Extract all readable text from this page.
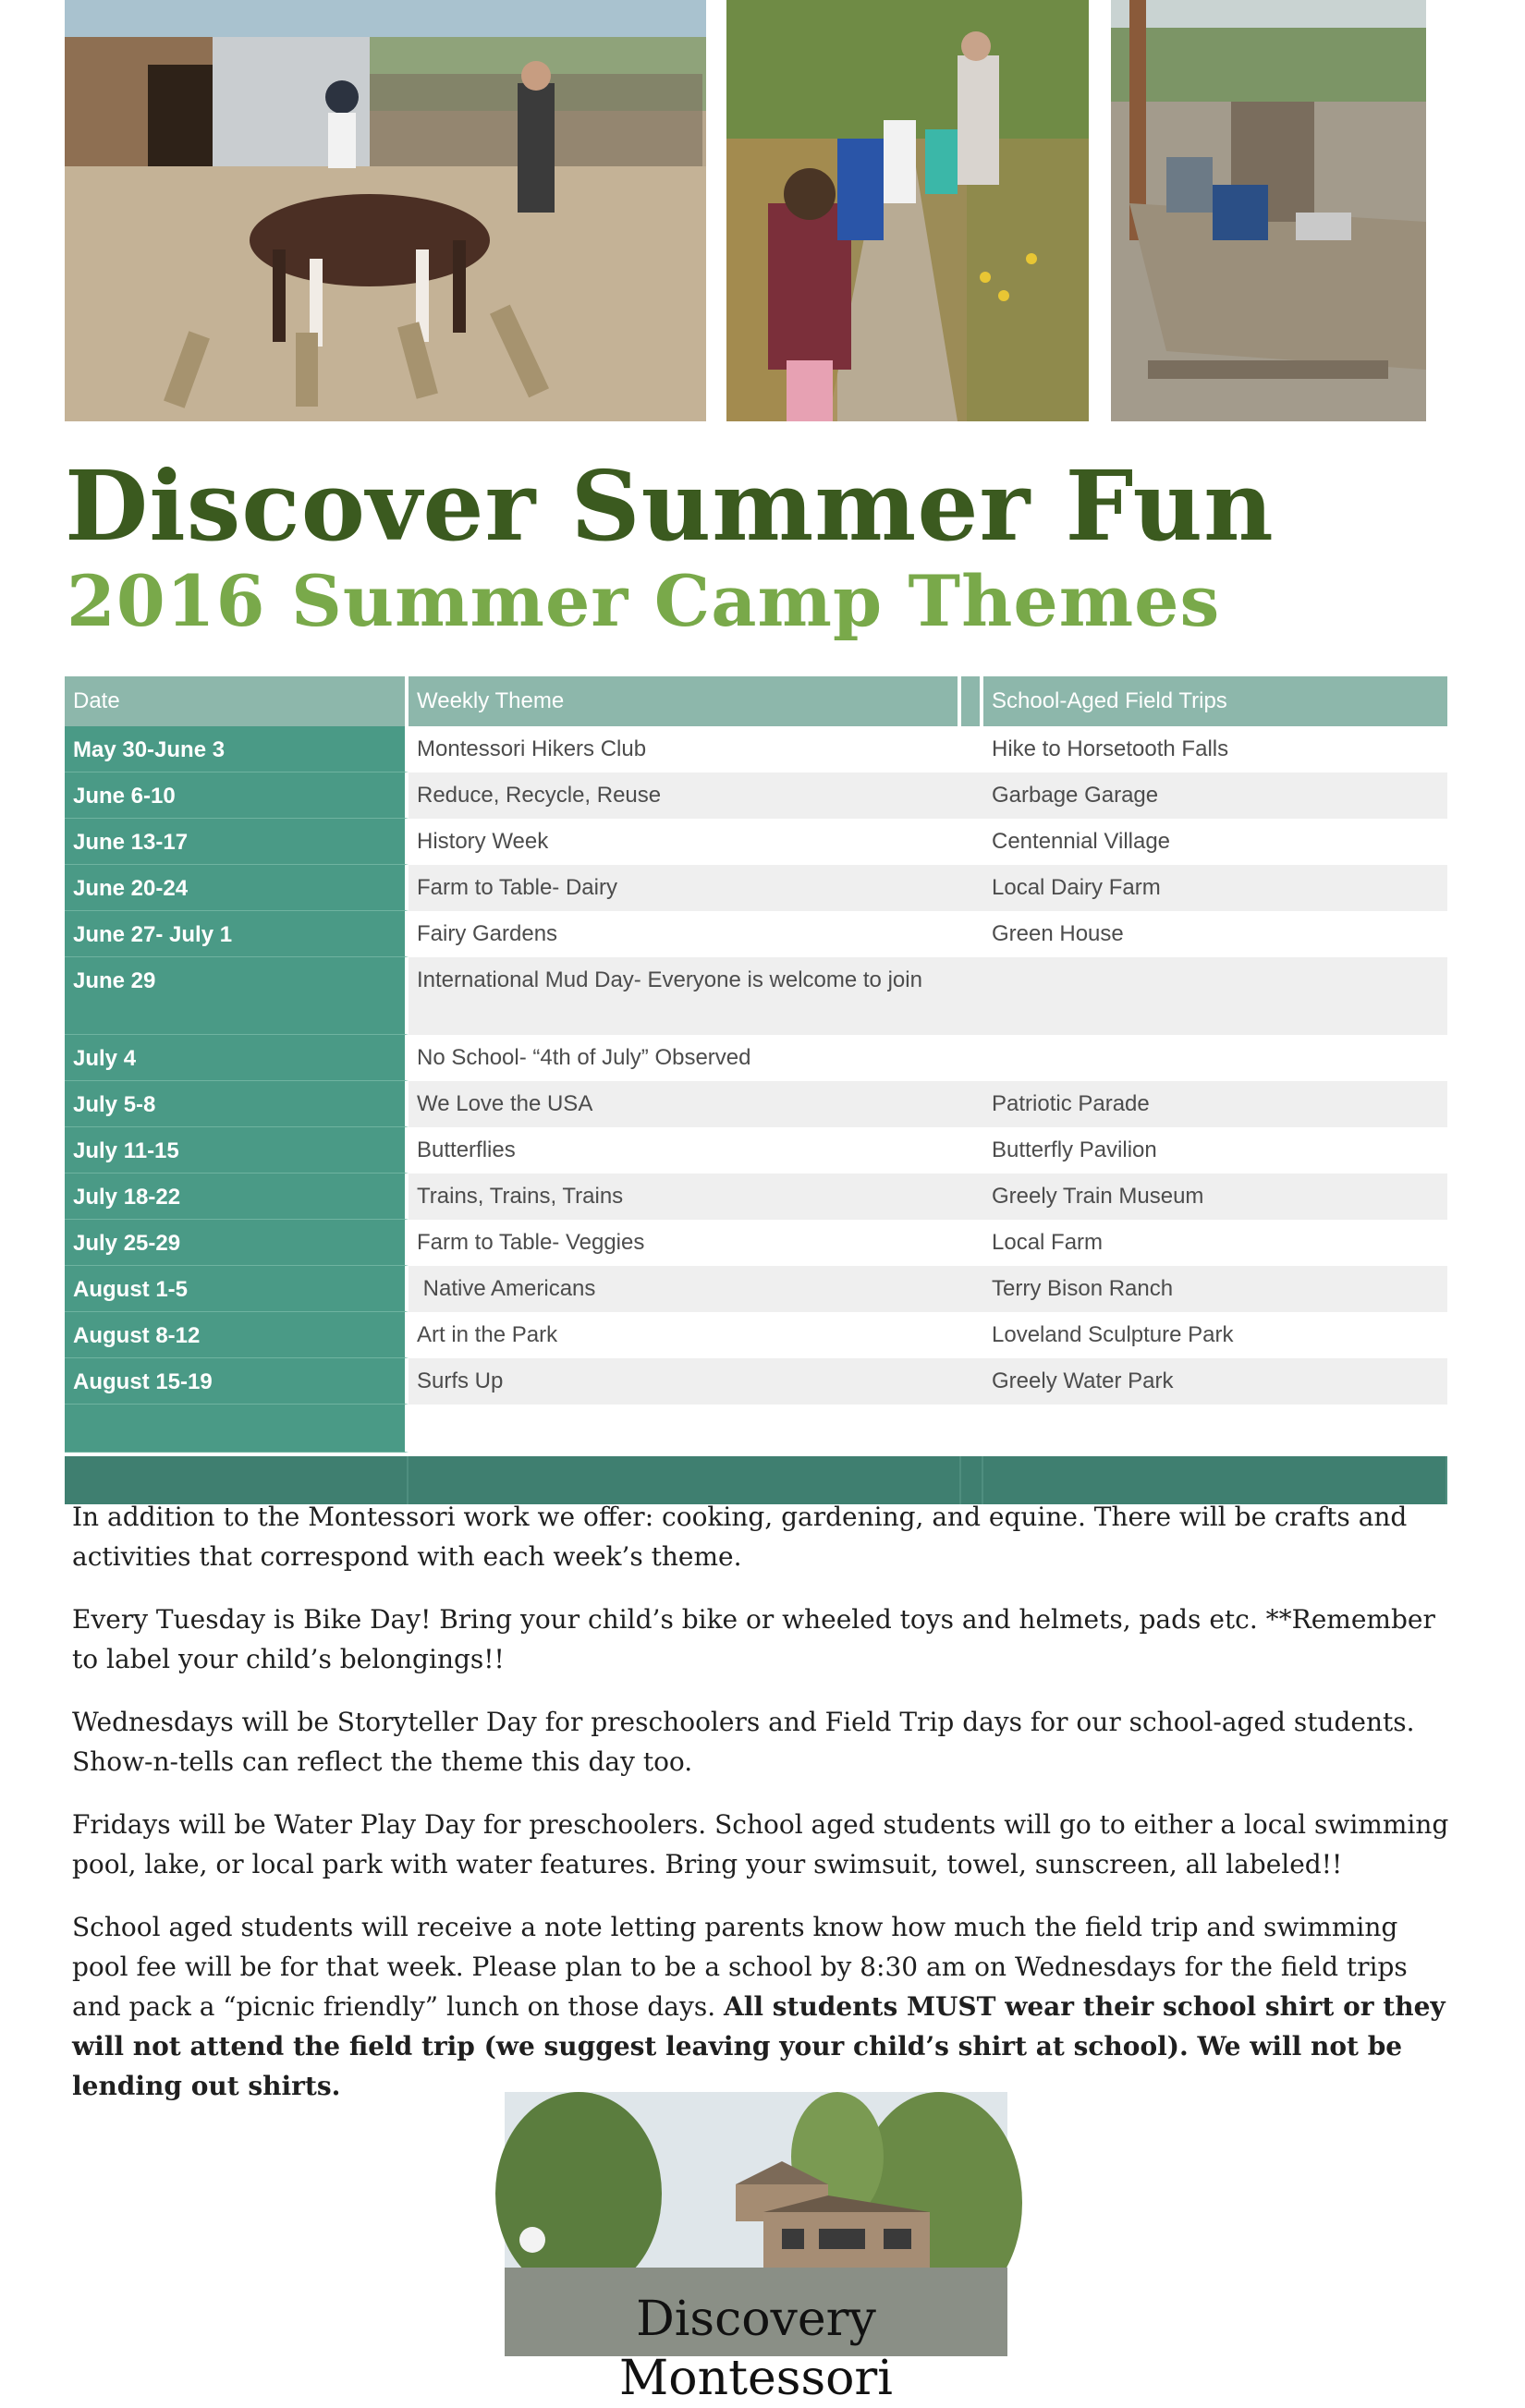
Discover Summer Fun
2016 Summer Camp Themes
Date	Weekly Theme	School-Aged Field Trips
May 30-June 3	Montessori Hikers Club	Hike to Horsetooth Falls
June 6-10	Reduce, Recycle, Reuse	Garbage Garage
June 13-17	History Week	Centennial Village
June 20-24	Farm to Table- Dairy	Local Dairy Farm
June 27- July 1	Fairy Gardens	Green House
June 29	International Mud Day- Everyone is welcome to join
July 4	No School- “4th of July” Observed
July 5-8	We Love the USA	Patriotic Parade
July 11-15	Butterflies	Butterfly Pavilion
July 18-22	Trains, Trains, Trains	Greely Train Museum
July 25-29	Farm to Table- Veggies	Local Farm
August 1-5	Native Americans	Terry Bison Ranch
August 8-12	Art in the Park	Loveland Sculpture Park
August 15-19	Surfs Up	Greely Water Park

In addition to the Montessori work we offer: cooking, gardening, and equine. There will be crafts and activities that correspond with each week’s theme.

Every Tuesday is Bike Day! Bring your child’s bike or wheeled toys and helmets, pads etc. **Remember to label your child’s belongings!!

Wednesdays will be Storyteller Day for preschoolers and Field Trip days for our school-aged students. Show-n-tells can reflect the theme this day too.

Fridays will be Water Play Day for preschoolers. School aged students will go to either a local swimming pool, lake, or local park with water features. Bring your swimsuit, towel, sunscreen, all labeled!!

School aged students will receive a note letting parents know how much the field trip and swimming pool fee will be for that week. Please plan to be a school by 8:30 am on Wednesdays for the field trips and pack a “picnic friendly” lunch on those days. All students MUST wear their school shirt or they will not attend the field trip (we suggest leaving your child’s shirt at school). We will not be lending out shirts.

Discovery Montessori
